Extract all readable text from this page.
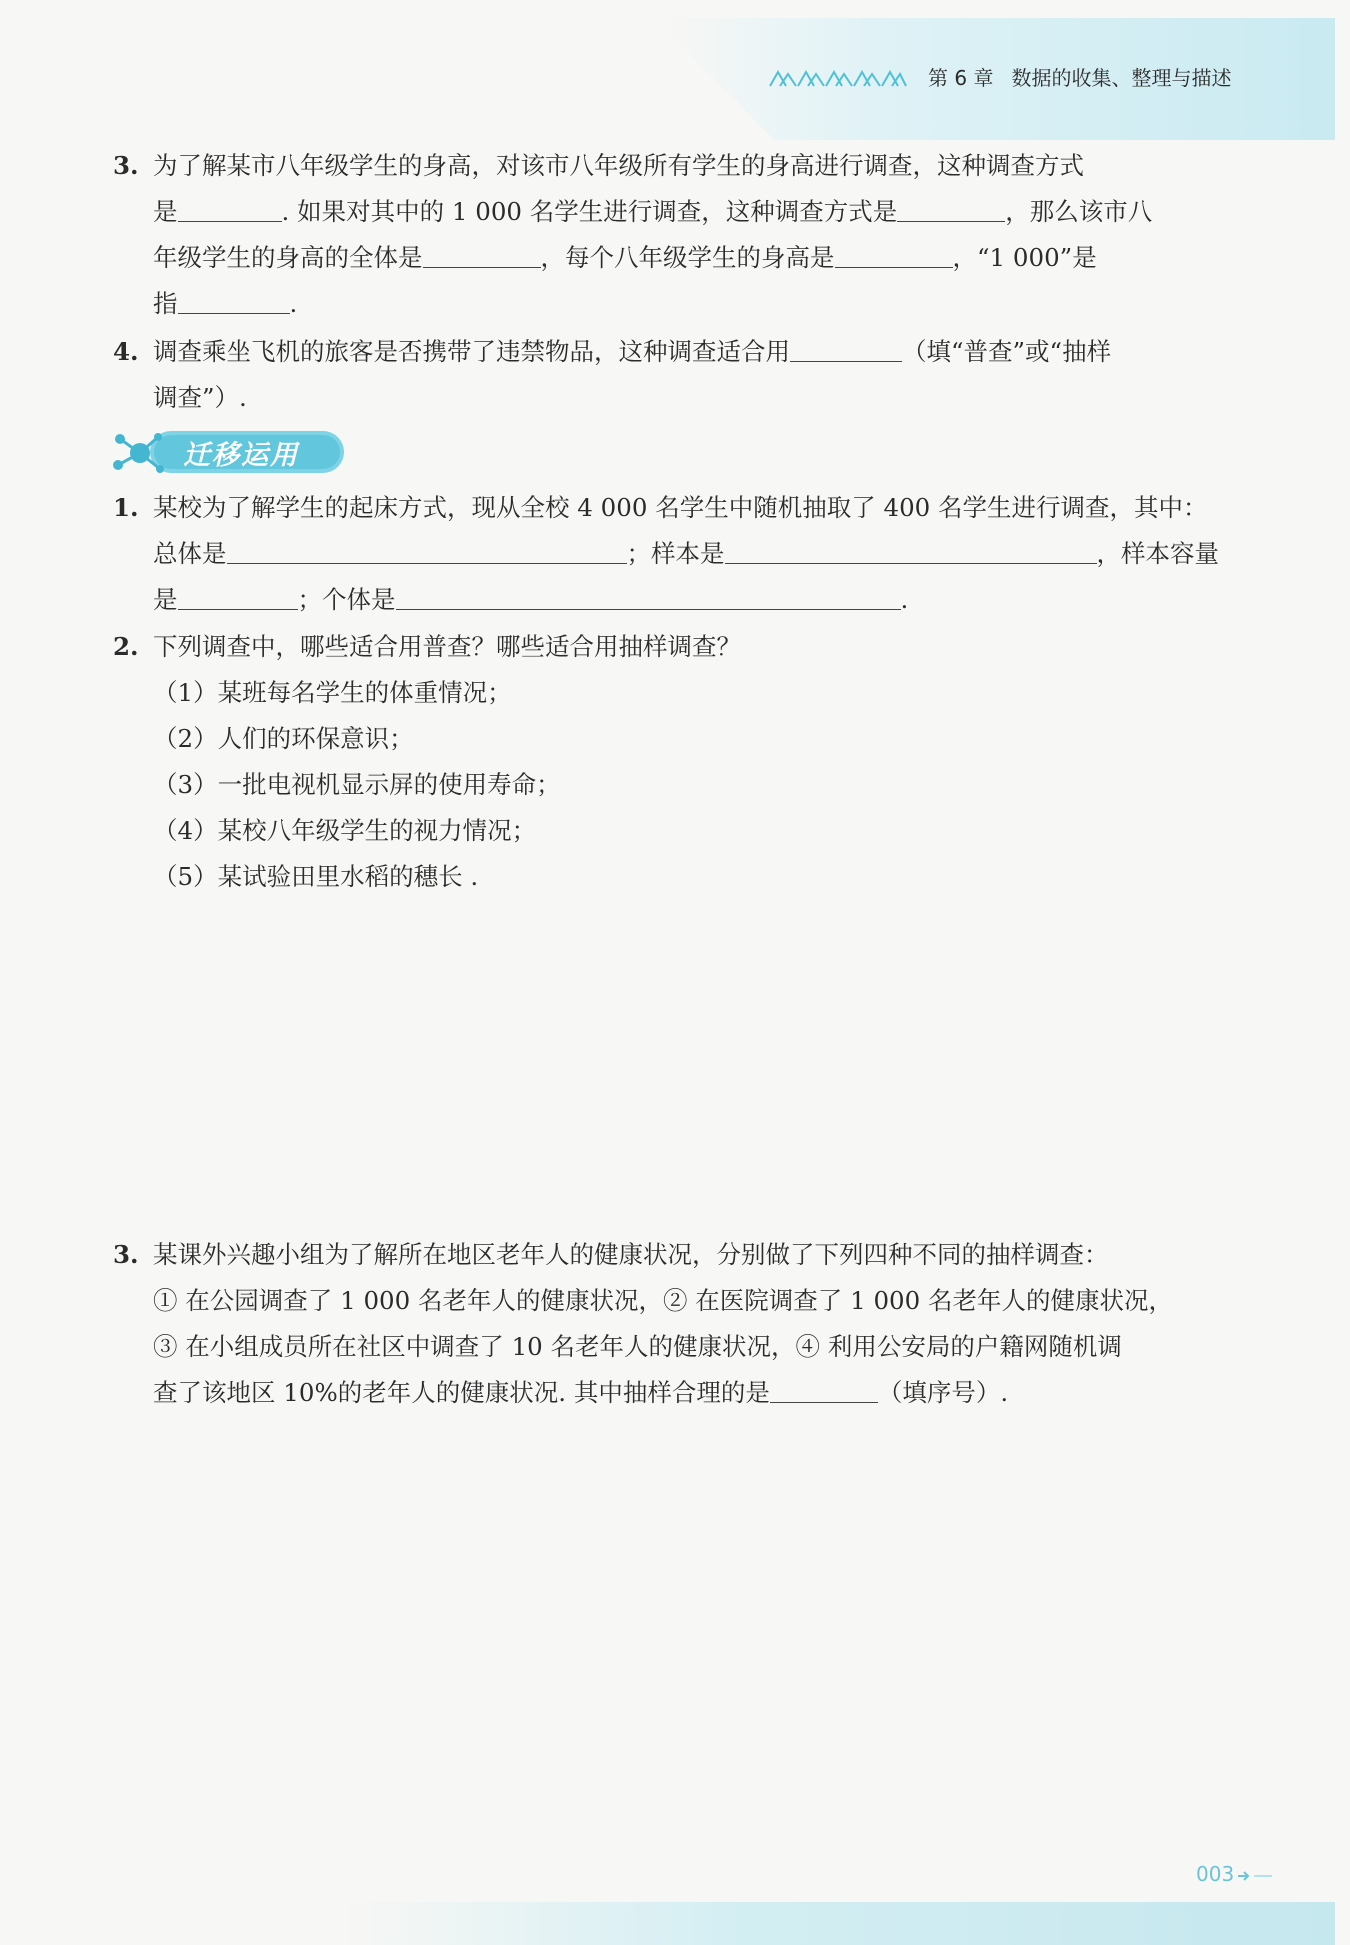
第 6 章 数据的收集、整理与描述
3. 为了解某市八年级学生的身高，对该市八年级所有学生的身高进行调查，这种调查方式
是	. 如果对其中的 1 000 名学生进行调查，这种调查方式是	，那么该市八
年级学生的身高的全体是	，每个八年级学生的身高是	，“1 000”是
指	.
4. 调查乘坐飞机的旅客是否携带了违禁物品，这种调查适合用	（填“普查”或“抽样
调查”）.
迁移运用
1. 某校为了解学生的起床方式，现从全校 4 000 名学生中随机抽取了 400 名学生进行调查，其中：
总体是	；样本是	，样本容量
是	；个体是	.
2. 下列调查中，哪些适合用普查？哪些适合用抽样调查？
（1）某班每名学生的体重情况；
（2）人们的环保意识；
（3）一批电视机显示屏的使用寿命；
（4）某校八年级学生的视力情况；
（5）某试验田里水稻的穗长 .
3. 某课外兴趣小组为了解所在地区老年人的健康状况，分别做了下列四种不同的抽样调查：
① 在公园调查了 1 000 名老年人的健康状况，② 在医院调查了 1 000 名老年人的健康状况，
③ 在小组成员所在社区中调查了 10 名老年人的健康状况，④ 利用公安局的户籍网随机调
查了该地区 10%的老年人的健康状况. 其中抽样合理的是	（填序号）.
003
